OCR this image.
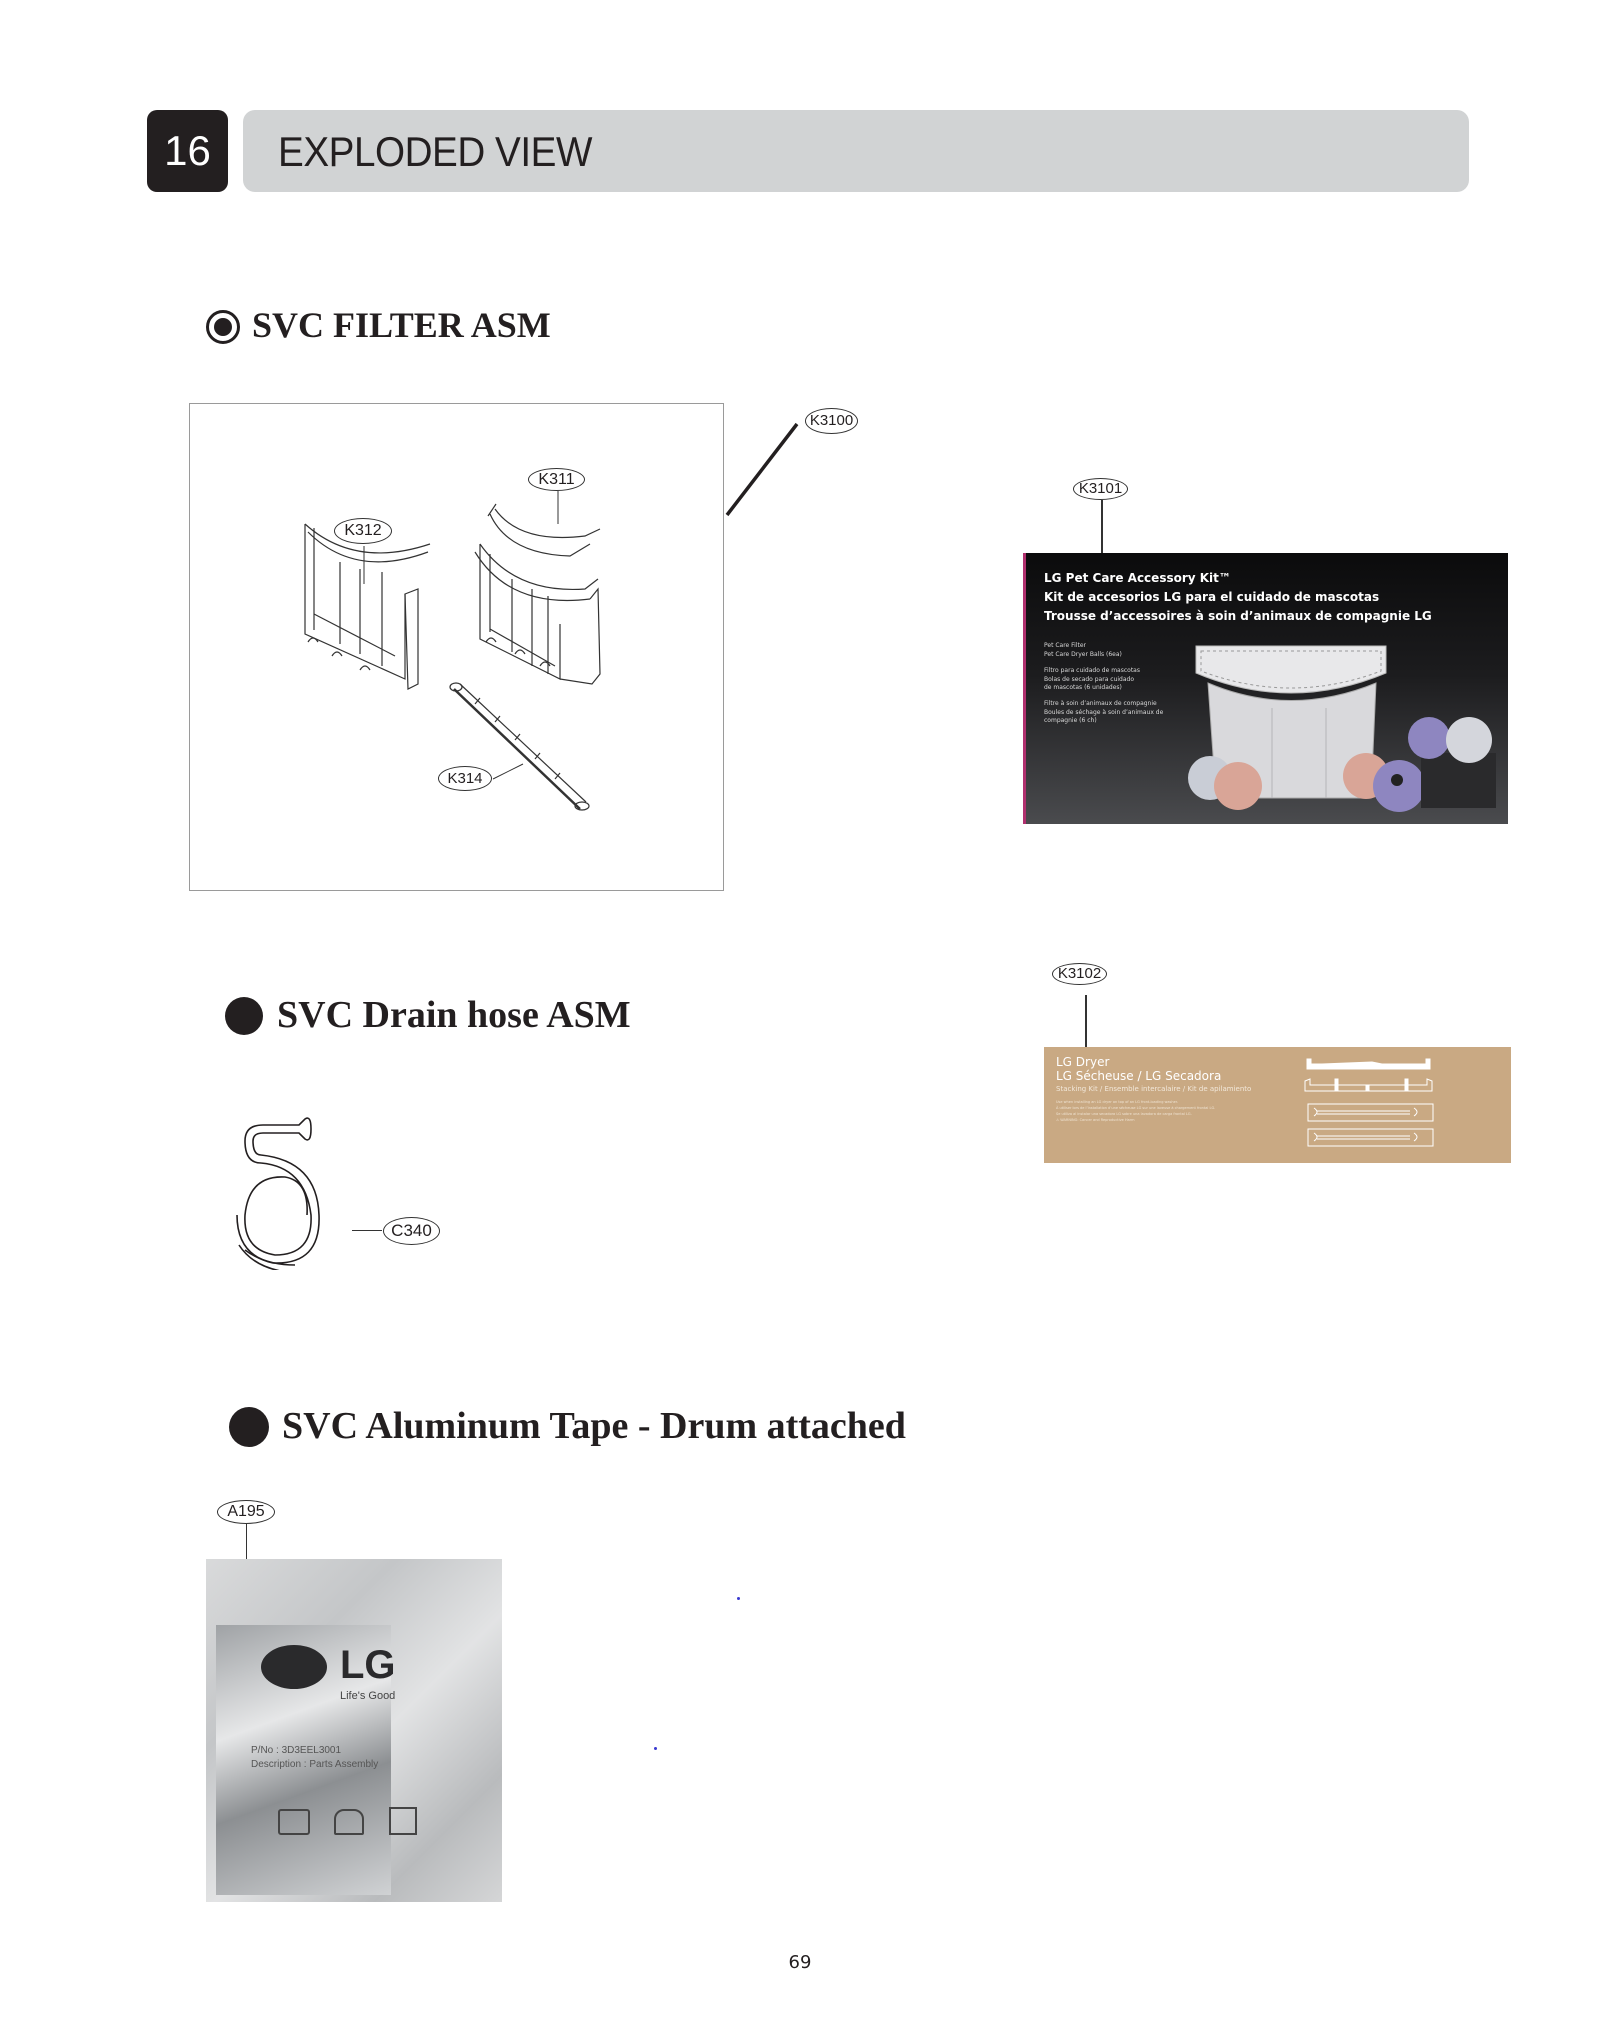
16	EXPLODED VIEW
SVC FILTER ASM
K311
K312
K314
K3100
K3101
LG Pet Care Accessory Kit™
Kit de accesorios LG para el cuidado de mascotas
Trousse d’accessoires à soin d’animaux de compagnie LG
Pet Care Filter
Pet Care Dryer Balls (6ea)
Filtro para cuidado de mascotas
Bolas de secado para cuidado
de mascotas (6 unidades)
Filtre à soin d’animaux de compagnie
Boules de séchage à soin d’animaux de
compagnie (6 ch)
K3102
LG Dryer
LG Sécheuse / LG Secadora
Stacking Kit / Ensemble intercalaire / Kit de apilamiento
Use when installing an LG dryer on top of an LG front-loading washer.
À utiliser lors de l’installation d’une sécheuse LG sur une laveuse à chargement frontal LG.
Se utiliza al instalar una secadora LG sobre una lavadora de carga frontal LG.
⚠ WARNING: Cancer and Reproductive Harm
SVC Drain hose ASM
C340
SVC Aluminum Tape - Drum attached
A195
LG
Life's Good
P/No : 3D3EEL3001
Description : Parts Assembly
69
